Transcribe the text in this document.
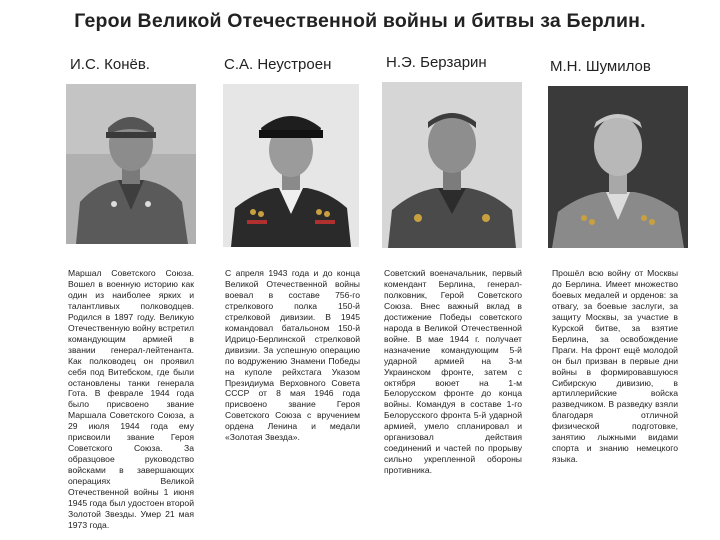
Герои Великой Отечественной войны и битвы за Берлин.
И.С. Конёв.

Маршал Советского Союза. Вошел в военную историю как один из наиболее ярких и талантливых полководцев. Родился в 1897 году. Великую Отечественную войну встретил командующим армией в звании генерал-лейтенанта. Как полководец он проявил себя под Витебском, где были остановлены танки генерала Гота. В феврале 1944 года было присвоено звание Маршала Советского Союза, а 29 июля 1944 года ему присвоили звание Героя Советского Союза. За образцовое руководство войсками в завершающих операциях Великой Отечественной войны 1 июня 1945 года был удостоен второй Золотой Звезды. Умер 21 мая 1973 года.

С.А. Неустроен

С апреля 1943 года и до конца Великой Отечественной войны воевал в составе 756-го стрелкового полка 150-й стрелковой дивизии. В 1945 командовал батальоном 150-й Идрицо-Берлинской стрелковой дивизии. За успешную операцию по водружению Знамени Победы на куполе рейхстага Указом Президиума Верховного Совета СССР от 8 мая 1946 года присвоено звание Героя Советского Союза с вручением ордена Ленина и медали «Золотая Звезда».

Н.Э. Берзарин

Советский военачальник, первый комендант Берлина, генерал-полковник, Герой Советского Союза. Внес важный вклад в достижение Победы советского народа в Великой Отечественной войне. В мае 1944 г. получает назначение командующим 5-й ударной армией на 3-м Украинском фронте, затем с октября воюет на 1-м Белорусском фронте до конца войны. Командуя в составе 1-го Белорусского фронта 5-й ударной армией, умело спланировал и организовал действия соединений и частей по прорыву сильно укрепленной обороны противника.

М.Н. Шумилов

Прошёл всю войну от Москвы до Берлина. Имеет множество боевых медалей и орденов: за отвагу, за боевые заслуги, за защиту Москвы, за участие в Курской битве, за взятие Берлина, за освобождение Праги. На фронт ещё молодой он был призван в первые дни войны в формировавшуюся Сибирскую дивизию, в артиллерийские войска разведчиком. В разведку взяли благодаря отличной физической подготовке, занятию лыжными видами спорта и знанию немецкого языка.
